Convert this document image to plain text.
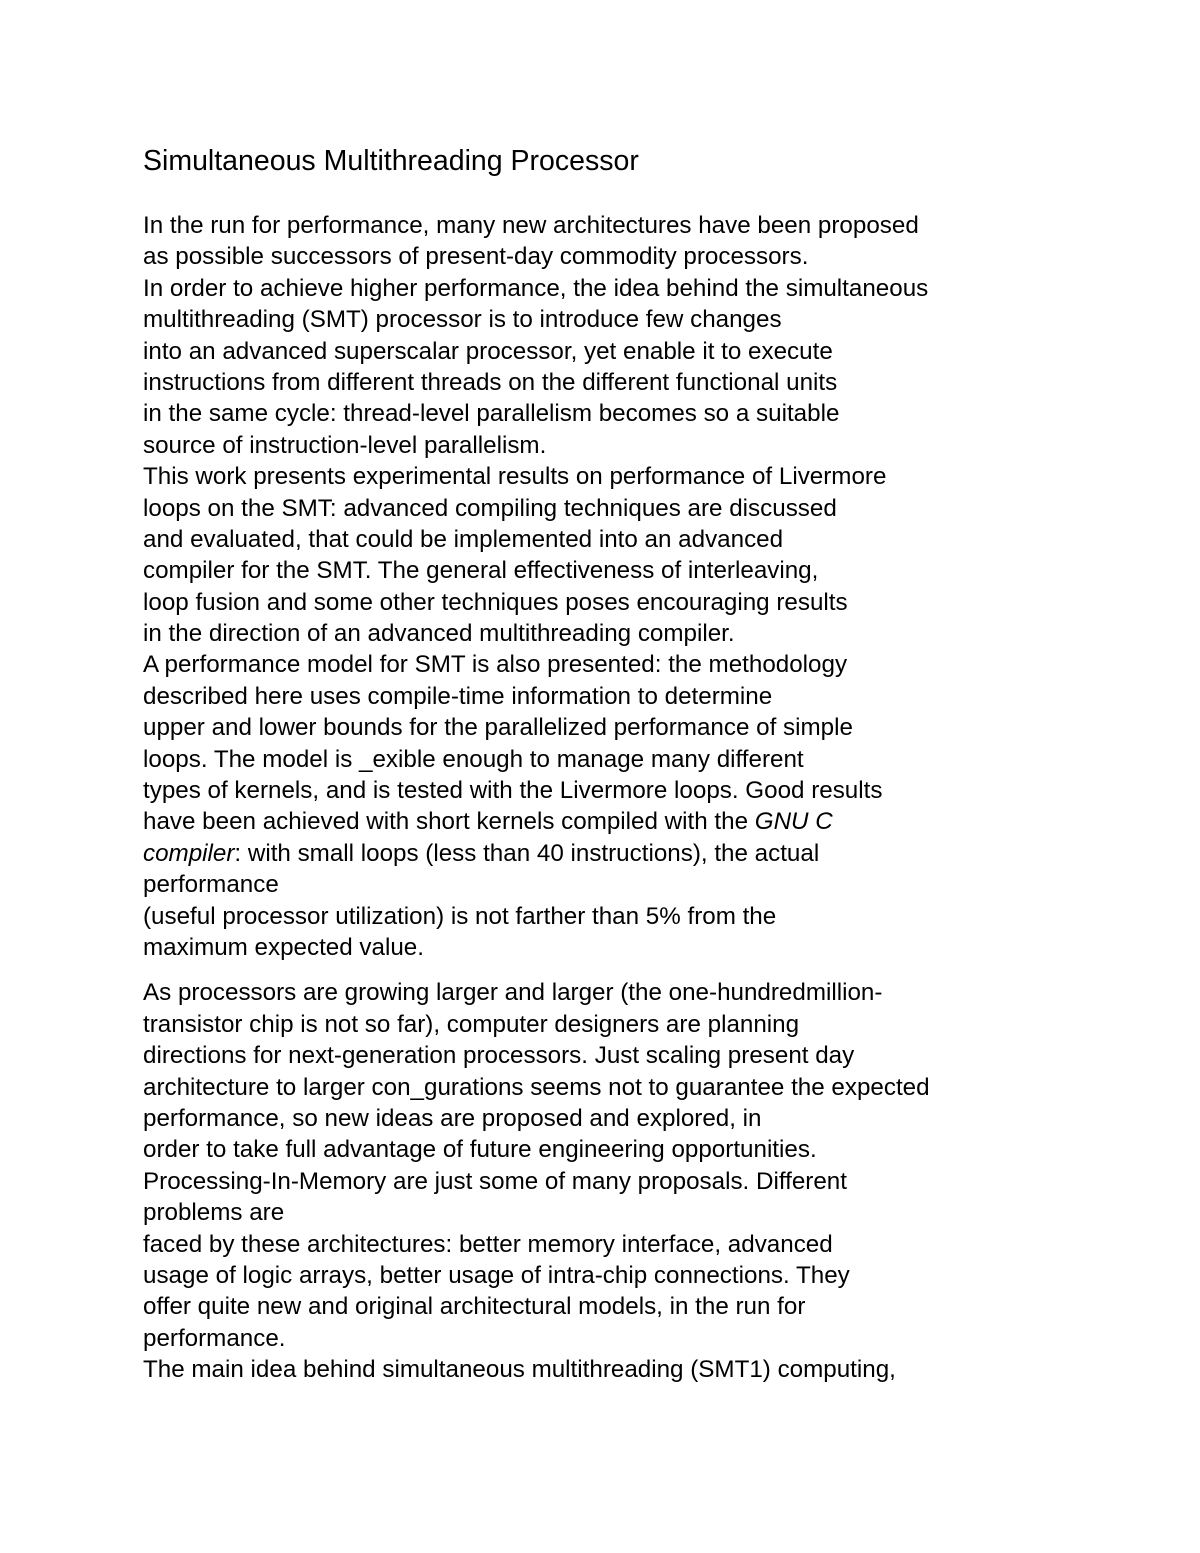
Simultaneous Multithreading Processor
In the run for performance, many new architectures have been proposed
as possible successors of present-day commodity processors.
In order to achieve higher performance, the idea behind the simultaneous
multithreading (SMT) processor is to introduce few changes
into an advanced superscalar processor, yet enable it to execute
instructions from different threads on the different functional units
in the same cycle: thread-level parallelism becomes so a suitable
source of instruction-level parallelism.
This work presents experimental results on performance of Livermore
loops on the SMT: advanced compiling techniques are discussed
and evaluated, that could be implemented into an advanced
compiler for the SMT. The general effectiveness of interleaving,
loop fusion and some other techniques poses encouraging results
in the direction of an advanced multithreading compiler.
A performance model for SMT is also presented: the methodology
described here uses compile-time information to determine
upper and lower bounds for the parallelized performance of simple
loops. The model is _exible enough to manage many different
types of kernels, and is tested with the Livermore loops. Good results
have been achieved with short kernels compiled with the GNU C
compiler: with small loops (less than 40 instructions), the actual
performance
(useful processor utilization) is not farther than 5% from the
maximum expected value.
As processors are growing larger and larger (the one-hundredmillion-
transistor chip is not so far), computer designers are planning
directions for next-generation processors. Just scaling present day
architecture to larger con_gurations seems not to guarantee the expected
performance, so new ideas are proposed and explored, in
order to take full advantage of future engineering opportunities.
Processing-In-Memory are just some of many proposals. Different
problems are
faced by these architectures: better memory interface, advanced
usage of logic arrays, better usage of intra-chip connections. They
offer quite new and original architectural models, in the run for
performance.
The main idea behind simultaneous multithreading (SMT1) computing,
